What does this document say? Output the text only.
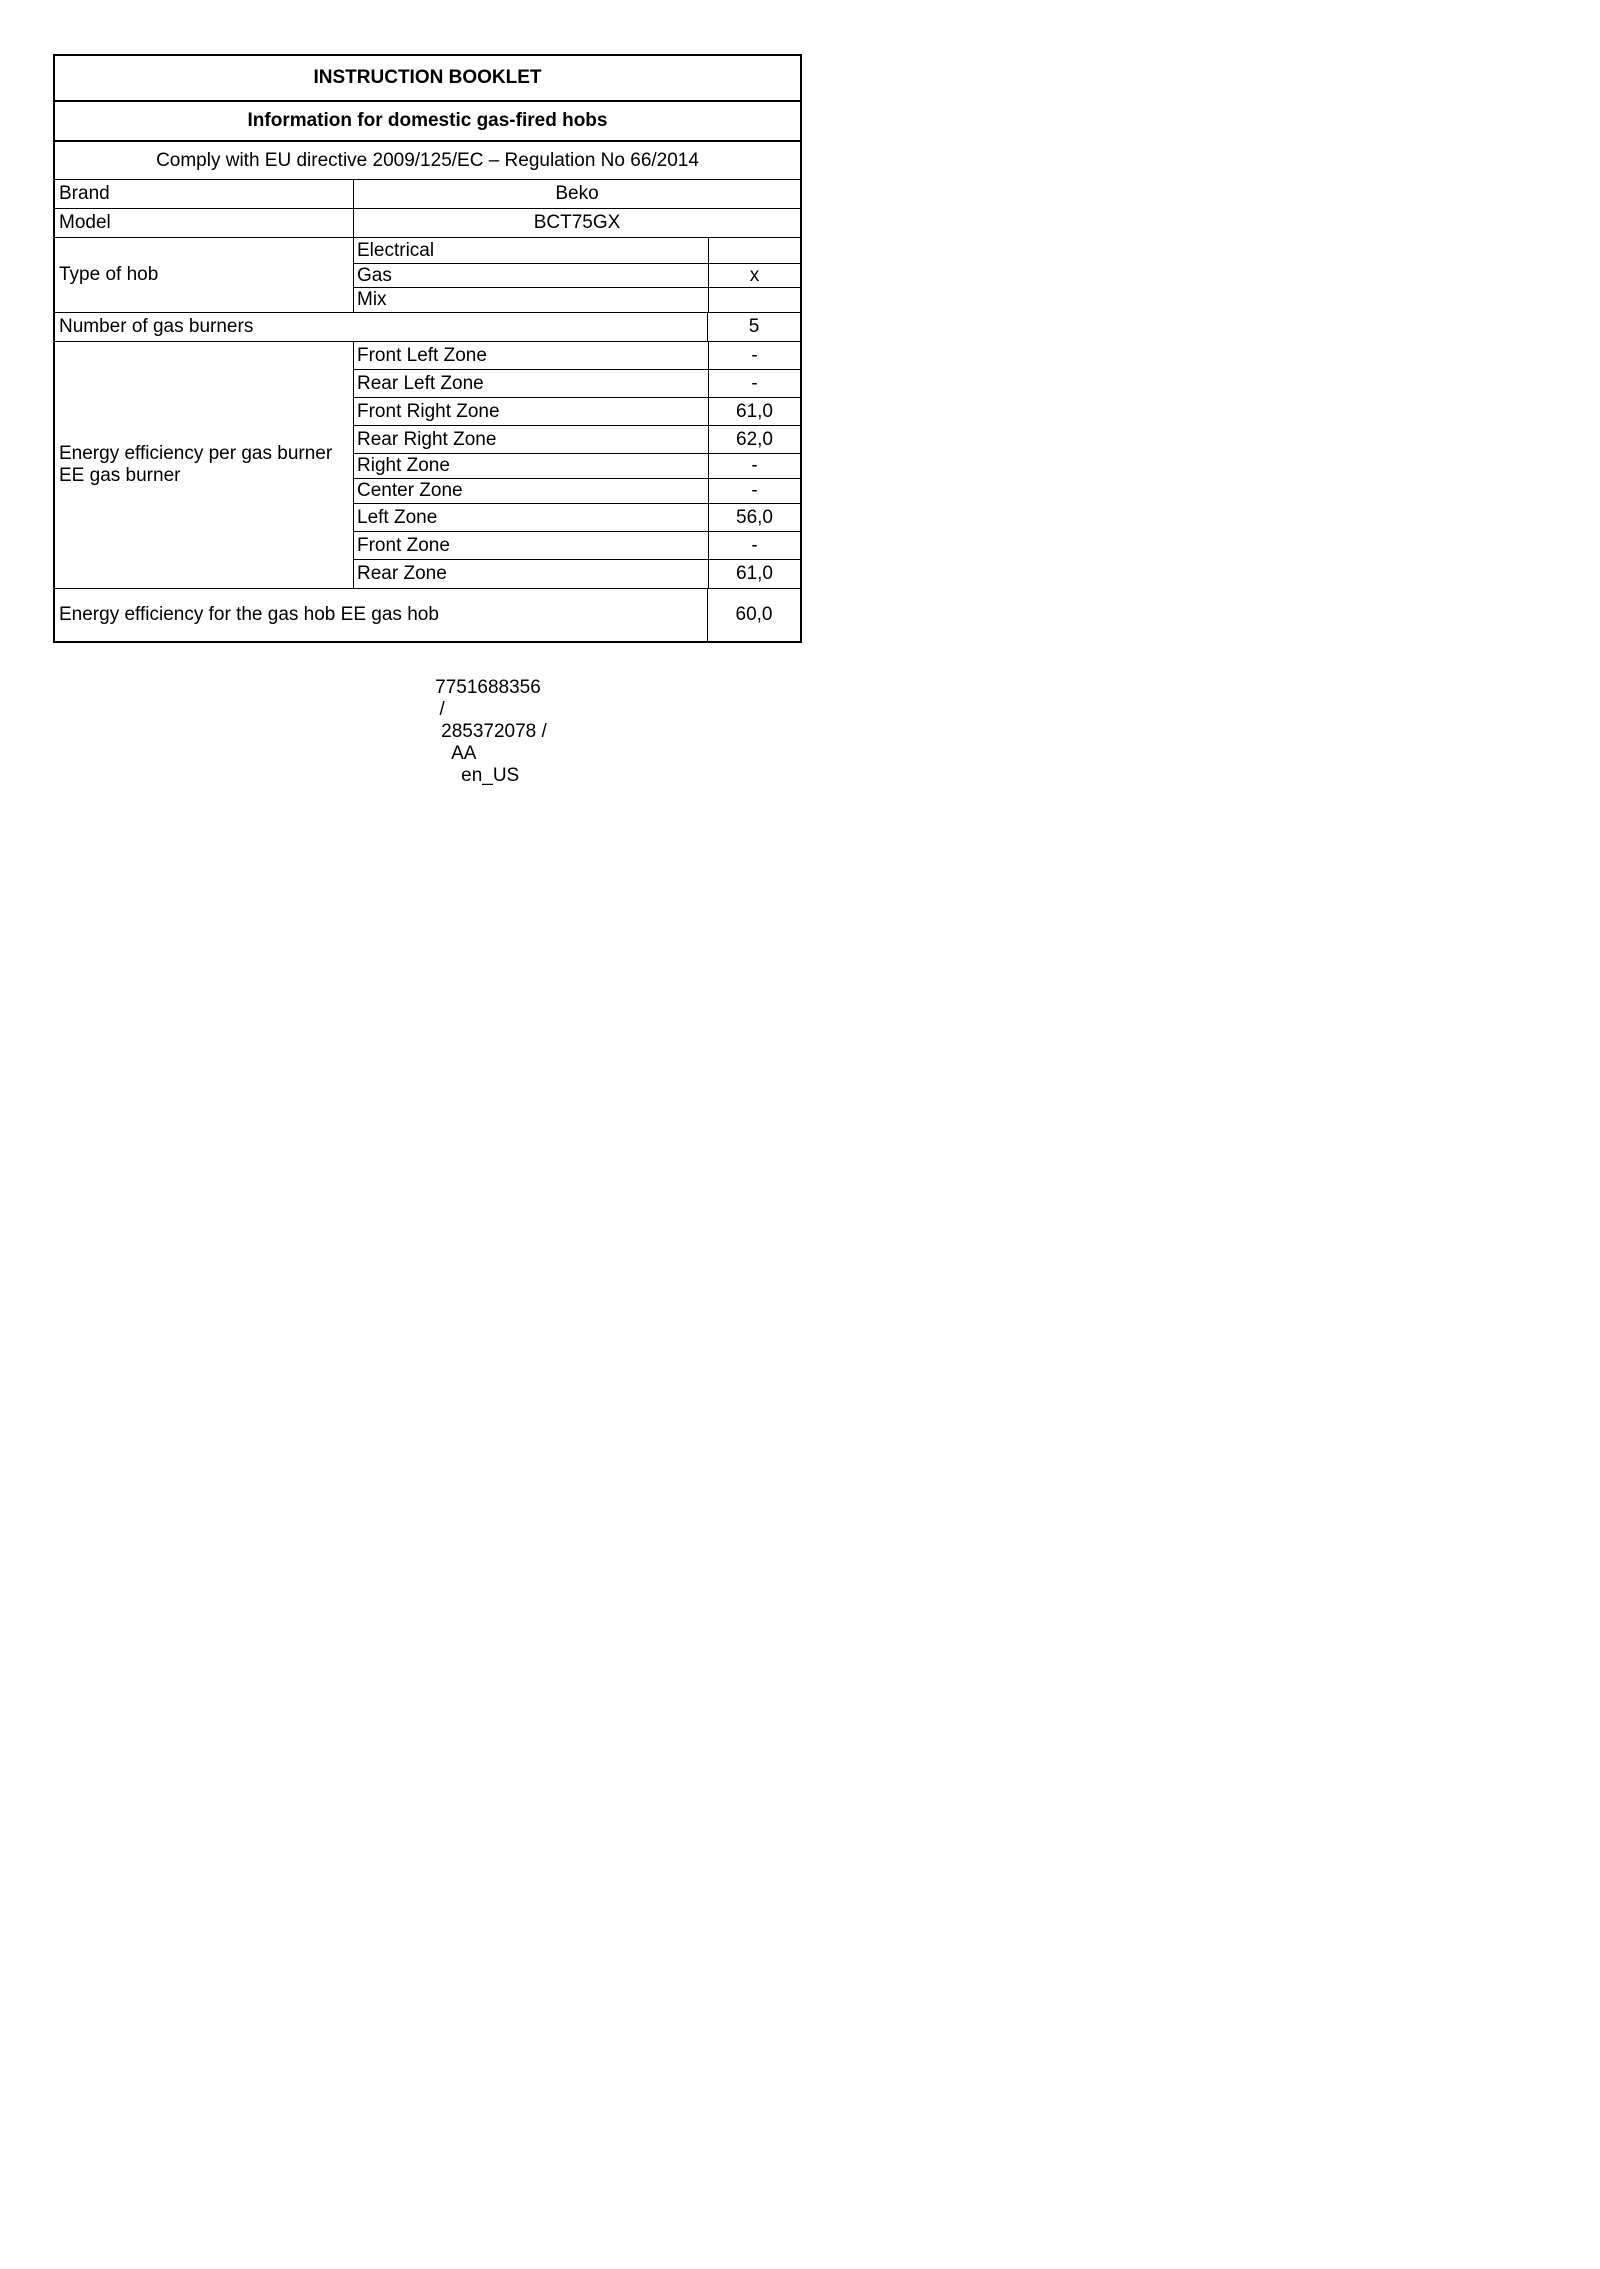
INSTRUCTION BOOKLET
Information for domestic gas-fired hobs
Comply with EU directive 2009/125/EC – Regulation No 66/2014
Brand	Beko
Model	BCT75GX
Type of hob
Electrical
Gas	x
Mix
Number of gas burners	5
Energy efficiency per gas burner
EE gas burner
Front Left Zone	-
Rear Left Zone	-
Front Right Zone	61,0
Rear Right Zone	62,0
Right Zone	-
Center Zone	-
Left Zone	56,0
Front Zone	-
Rear Zone	61,0
Energy efficiency for the gas hob EE gas hob	60,0

7751688356
/
285372078 /
AA
en_US
